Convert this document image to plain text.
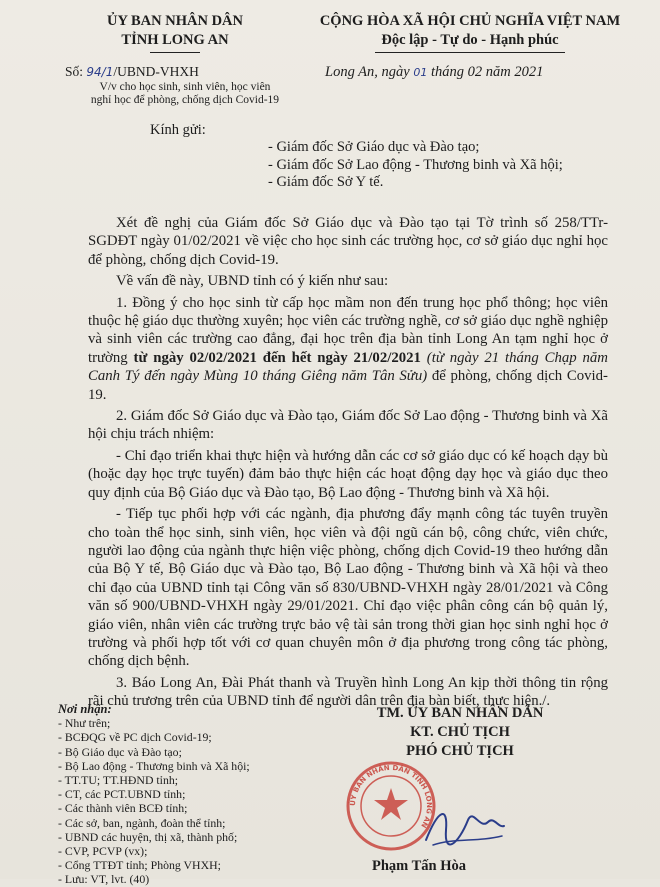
ỦY BAN NHÂN DÂN
TỈNH LONG AN
CỘNG HÒA XÃ HỘI CHỦ NGHĨA VIỆT NAM
Độc lập - Tự do - Hạnh phúc
Số: 94/1/UBND-VHXH	Long An, ngày 01 tháng 02 năm 2021
V/v cho học sinh, sinh viên, học viên
nghỉ học để phòng, chống dịch Covid-19
Kính gửi:
- Giám đốc Sở Giáo dục và Đào tạo;
- Giám đốc Sở Lao động - Thương binh và Xã hội;
- Giám đốc Sở Y tế.

Xét đề nghị của Giám đốc Sở Giáo dục và Đào tạo tại Tờ trình số 258/TTr-SGDĐT ngày 01/02/2021 về việc cho học sinh các trường học, cơ sở giáo dục nghỉ học để phòng, chống dịch Covid-19.

Về vấn đề này, UBND tỉnh có ý kiến như sau:

1. Đồng ý cho học sinh từ cấp học mầm non đến trung học phổ thông; học viên thuộc hệ giáo dục thường xuyên; học viên các trường nghề, cơ sở giáo dục nghề nghiệp và sinh viên các trường cao đẳng, đại học trên địa bàn tỉnh Long An tạm nghỉ học ở trường từ ngày 02/02/2021 đến hết ngày 21/02/2021 (từ ngày 21 tháng Chạp năm Canh Tý đến ngày Mùng 10 tháng Giêng năm Tân Sửu) để phòng, chống dịch Covid-19.

2. Giám đốc Sở Giáo dục và Đào tạo, Giám đốc Sở Lao động - Thương binh và Xã hội chịu trách nhiệm:

- Chỉ đạo triển khai thực hiện và hướng dẫn các cơ sở giáo dục có kế hoạch dạy bù (hoặc dạy học trực tuyến) đảm bảo thực hiện các hoạt động dạy học và giáo dục theo quy định của Bộ Giáo dục và Đào tạo, Bộ Lao động - Thương binh và Xã hội.

- Tiếp tục phối hợp với các ngành, địa phương đẩy mạnh công tác tuyên truyền cho toàn thể học sinh, sinh viên, học viên và đội ngũ cán bộ, công chức, viên chức, người lao động của ngành thực hiện việc phòng, chống dịch Covid-19 theo hướng dẫn của Bộ Y tế, Bộ Giáo dục và Đào tạo, Bộ Lao động - Thương binh và Xã hội và theo chỉ đạo của UBND tỉnh tại Công văn số 830/UBND-VHXH ngày 28/01/2021 và Công văn số 900/UBND-VHXH ngày 29/01/2021. Chỉ đạo việc phân công cán bộ quản lý, giáo viên, nhân viên các trường trực bảo vệ tài sản trong thời gian học sinh nghỉ học ở trường và phối hợp tốt với cơ quan chuyên môn ở địa phương trong công tác phòng, chống dịch bệnh.

3. Báo Long An, Đài Phát thanh và Truyền hình Long An kịp thời thông tin rộng rãi chủ trương trên của UBND tỉnh để người dân trên địa bàn biết, thực hiện./.

Nơi nhận:
- Như trên;
- BCĐQG về PC dịch Covid-19;
- Bộ Giáo dục và Đào tạo;
- Bộ Lao động - Thương binh và Xã hội;
- TT.TU; TT.HĐND tỉnh;
- CT, các PCT.UBND tỉnh;
- Các thành viên BCĐ tỉnh;
- Các sở, ban, ngành, đoàn thể tỉnh;
- UBND các huyện, thị xã, thành phố;
- CVP, PCVP (vx);
- Cổng TTĐT tỉnh; Phòng VHXH;
- Lưu: VT, lvt. (40)
TM. ỦY BAN NHÂN DÂN
KT. CHỦ TỊCH
PHÓ CHỦ TỊCH
ỦY BAN NHÂN DÂN TỈNH LONG AN
Phạm Tấn Hòa
